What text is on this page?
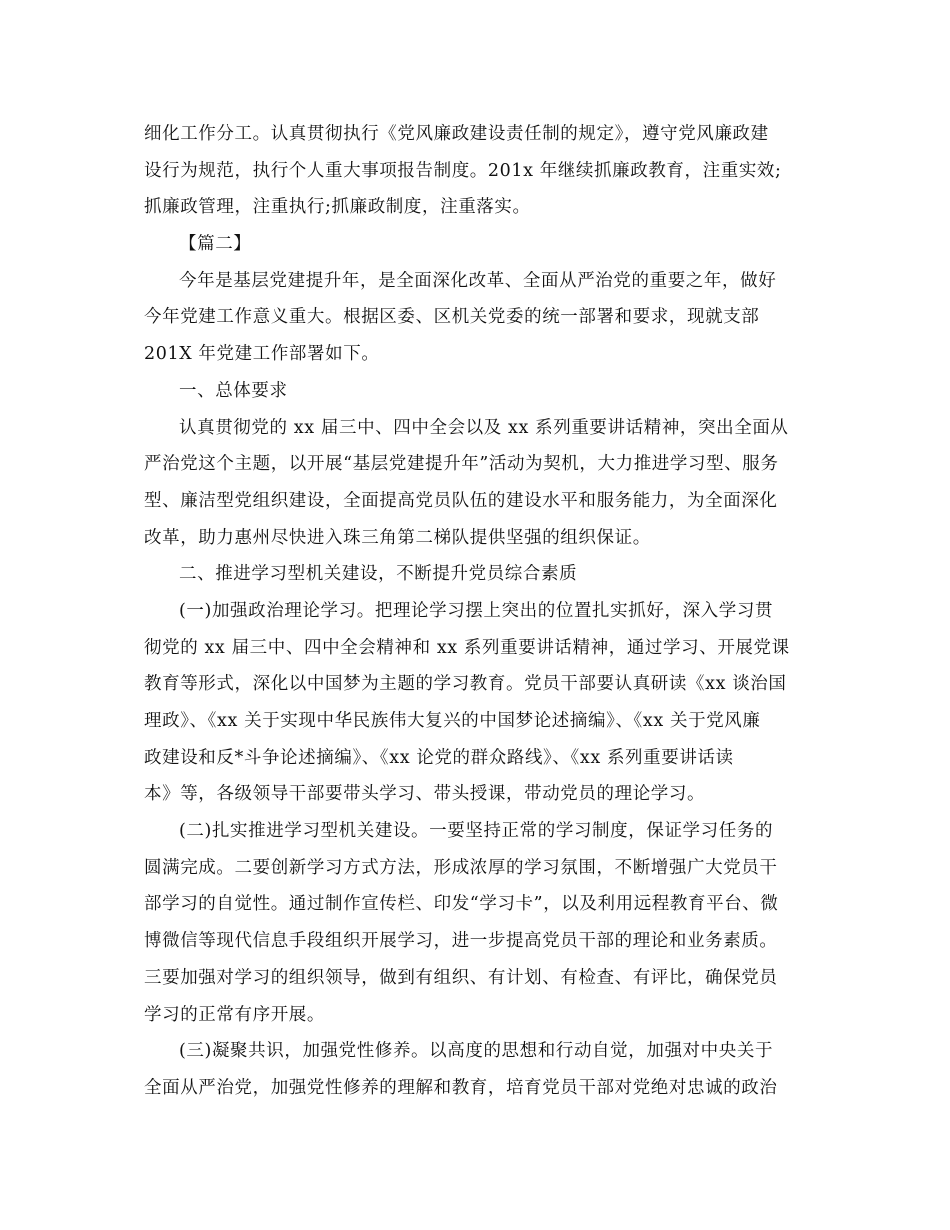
细化工作分工。认真贯彻执行《党风廉政建设责任制的规定》，遵守党风廉政建
设行为规范，执行个人重大事项报告制度。201x 年继续抓廉政教育，注重实效;
抓廉政管理，注重执行;抓廉政制度，注重落实。
【篇二】
今年是基层党建提升年，是全面深化改革、全面从严治党的重要之年，做好
今年党建工作意义重大。根据区委、区机关党委的统一部署和要求，现就支部
201X 年党建工作部署如下。
一、总体要求
认真贯彻党的 xx 届三中、四中全会以及 xx 系列重要讲话精神，突出全面从
严治党这个主题，以开展“基层党建提升年”活动为契机，大力推进学习型、服务
型、廉洁型党组织建设，全面提高党员队伍的建设水平和服务能力，为全面深化
改革，助力惠州尽快进入珠三角第二梯队提供坚强的组织保证。
二、推进学习型机关建设，不断提升党员综合素质
(一)加强政治理论学习。把理论学习摆上突出的位置扎实抓好，深入学习贯
彻党的 xx 届三中、四中全会精神和 xx 系列重要讲话精神，通过学习、开展党课
教育等形式，深化以中国梦为主题的学习教育。党员干部要认真研读《xx 谈治国
理政》、《xx 关于实现中华民族伟大复兴的中国梦论述摘编》、《xx 关于党风廉
政建设和反*斗争论述摘编》、《xx 论党的群众路线》、《xx 系列重要讲话读
本》等，各级领导干部要带头学习、带头授课，带动党员的理论学习。
(二)扎实推进学习型机关建设。一要坚持正常的学习制度，保证学习任务的
圆满完成。二要创新学习方式方法，形成浓厚的学习氛围，不断增强广大党员干
部学习的自觉性。通过制作宣传栏、印发“学习卡”，以及利用远程教育平台、微
博微信等现代信息手段组织开展学习，进一步提高党员干部的理论和业务素质。
三要加强对学习的组织领导，做到有组织、有计划、有检查、有评比，确保党员
学习的正常有序开展。
(三)凝聚共识，加强党性修养。以高度的思想和行动自觉，加强对中央关于
全面从严治党，加强党性修养的理解和教育，培育党员干部对党绝对忠诚的政治
